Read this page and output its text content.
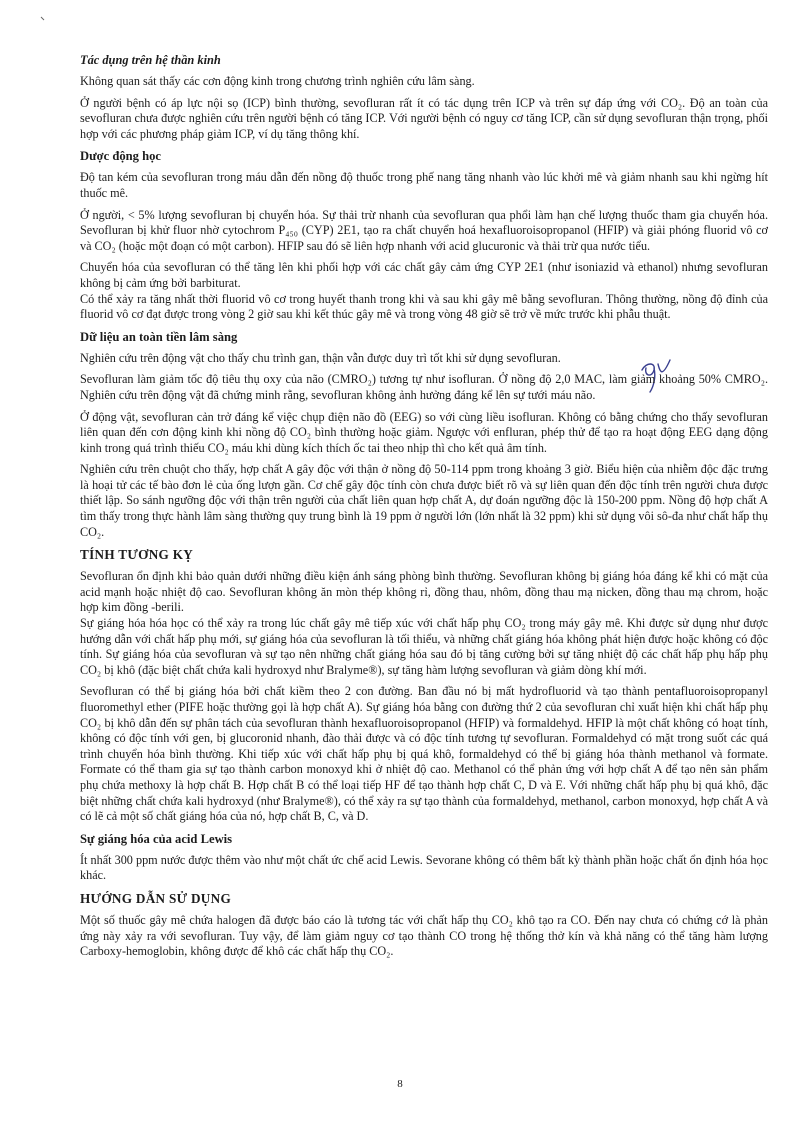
Tác dụng trên hệ thần kinh

Không quan sát thấy các cơn động kinh trong chương trình nghiên cứu lâm sàng.

Ở người bệnh có áp lực nội sọ (ICP) bình thường, sevofluran rất ít có tác dụng trên ICP và trên sự đáp ứng với CO₂. Độ an toàn của sevofluran chưa được nghiên cứu trên người bệnh có tăng ICP. Với người bệnh có nguy cơ tăng ICP, cần sử dụng sevofluran thận trọng, phối hợp với các phương pháp giảm ICP, ví dụ tăng thông khí.

Dược động học

Độ tan kém của sevofluran trong máu dẫn đến nồng độ thuốc trong phế nang tăng nhanh vào lúc khởi mê và giảm nhanh sau khi ngừng hít thuốc mê.

Ở người, < 5% lượng sevofluran bị chuyển hóa. Sự thải trừ nhanh của sevofluran qua phổi làm hạn chế lượng thuốc tham gia chuyển hóa. Sevofluran bị khử fluor nhờ cytochrom P₄₅₀ (CYP) 2E1, tạo ra chất chuyển hoá hexafluoroisopropanol (HFIP) và giải phóng fluorid vô cơ và CO₂ (hoặc một đoạn có một carbon). HFIP sau đó sẽ liên hợp nhanh với acid glucuronic và thải trừ qua nước tiểu.

Chuyển hóa của sevofluran có thể tăng lên khi phối hợp với các chất gây cảm ứng CYP 2E1 (như isoniazid và ethanol) nhưng sevofluran không bị cảm ứng bởi barbiturat.

Có thể xảy ra tăng nhất thời fluorid vô cơ trong huyết thanh trong khi và sau khi gây mê bằng sevofluran. Thông thường, nồng độ đỉnh của fluorid vô cơ đạt được trong vòng 2 giờ sau khi kết thúc gây mê và trong vòng 48 giờ sẽ trở về mức trước khi phẫu thuật.

Dữ liệu an toàn tiền lâm sàng

Nghiên cứu trên động vật cho thấy chu trình gan, thận vẫn được duy trì tốt khi sử dụng sevofluran.

Sevofluran làm giảm tốc độ tiêu thụ oxy của não (CMRO₂) tương tự như isofluran. Ở nồng độ 2,0 MAC, làm giảm khoảng 50% CMRO₂. Nghiên cứu trên động vật đã chứng minh rằng, sevofluran không ảnh hưởng đáng kể lên sự tưới máu não.

Ở động vật, sevofluran cản trở đáng kể việc chụp điện não đồ (EEG) so với cùng liều isofluran. Không có bằng chứng cho thấy sevofluran liên quan đến cơn động kinh khi nồng độ CO₂ bình thường hoặc giảm. Ngược với enfluran, phép thử để tạo ra hoạt động EEG dạng động kinh trong quá trình thiếu CO₂ máu khi dùng kích thích ốc tai theo nhịp thì cho kết quả âm tính.

Nghiên cứu trên chuột cho thấy, hợp chất A gây độc với thận ở nồng độ 50-114 ppm trong khoảng 3 giờ. Biểu hiện của nhiễm độc đặc trưng là hoại tử các tế bào đơn lẻ của ống lượn gần. Cơ chế gây độc tính còn chưa được biết rõ và sự liên quan đến độc tính trên người chưa được thiết lập. So sánh ngưỡng độc với thận trên người của chất liên quan hợp chất A, dự đoán ngưỡng độc là 150-200 ppm. Nồng độ hợp chất A tìm thấy trong thực hành lâm sàng thường quy trung bình là 19 ppm ở người lớn (lớn nhất là 32 ppm) khi sử dụng vôi sô-đa như chất hấp thụ CO₂.

TÍNH TƯƠNG KỴ

Sevofluran ổn định khi bảo quản dưới những điều kiện ánh sáng phòng bình thường. Sevofluran không bị giáng hóa đáng kể khi có mặt của acid mạnh hoặc nhiệt độ cao. Sevofluran không ăn mòn thép không rỉ, đồng thau, nhôm, đồng thau mạ nicken, đồng thau mạ chrom, hoặc hợp kim đồng -berili.

Sự giáng hóa hóa học có thể xảy ra trong lúc chất gây mê tiếp xúc với chất hấp phụ CO₂ trong máy gây mê. Khi được sử dụng như được hướng dẫn với chất hấp phụ mới, sự giáng hóa của sevofluran là tối thiểu, và những chất giáng hóa không phát hiện được hoặc không có độc tính. Sự giáng hóa của sevofluran và sự tạo nên những chất giáng hóa sau đó bị tăng cường bởi sự tăng nhiệt độ các chất hấp phụ hấp phụ CO₂ bị khô (đặc biệt chất chứa kali hydroxyd như Bralyme®), sự tăng hàm lượng sevofluran và giảm dòng khí mới.

Sevofluran có thể bị giáng hóa bởi chất kiềm theo 2 con đường. Ban đầu nó bị mất hydrofluorid và tạo thành pentafluoroisopropanyl fluoromethyl ether (PIFE hoặc thường gọi là hợp chất A). Sự giáng hóa bằng con đường thứ 2 của sevofluran chỉ xuất hiện khi chất hấp phụ CO₂ bị khô dẫn đến sự phân tách của sevofluran thành hexafluoroisopropanol (HFIP) và formaldehyd. HFIP là một chất không có hoạt tính, không có độc tính với gen, bị glucoronid nhanh, đào thải được và có độc tính tương tự sevofluran. Formaldehyd có mặt trong suốt các quá trình chuyển hóa bình thường. Khi tiếp xúc với chất hấp phụ bị quá khô, formaldehyd có thể bị giáng hóa thành methanol và formate. Formate có thể tham gia sự tạo thành carbon monoxyd khi ở nhiệt độ cao. Methanol có thể phản ứng với hợp chất A để tạo nên sản phẩm phụ chứa methoxy là hợp chất B. Hợp chất B có thể loại tiếp HF để tạo thành hợp chất C, D và E. Với những chất hấp phụ bị quá khô, đặc biệt những chất chứa kali hydroxyd (như Bralyme®), có thể xảy ra sự tạo thành của formaldehyd, methanol, carbon monoxyd, hợp chất A và có lẽ cả một số chất giáng hóa của nó, hợp chất B, C, và D.

Sự giáng hóa của acid Lewis

Ít nhất 300 ppm nước được thêm vào như một chất ức chế acid Lewis. Sevorane không có thêm bất kỳ thành phần hoặc chất ổn định hóa học khác.

HƯỚNG DẪN SỬ DỤNG

Một số thuốc gây mê chứa halogen đã được báo cáo là tương tác với chất hấp thụ CO₂ khô tạo ra CO. Đến nay chưa có chứng cớ là phản ứng này xảy ra với sevofluran. Tuy vậy, để làm giảm nguy cơ tạo thành CO trong hệ thống thở kín và khả năng có thể tăng hàm lượng Carboxy-hemoglobin, không được để khô các chất hấp thụ CO₂.

8
